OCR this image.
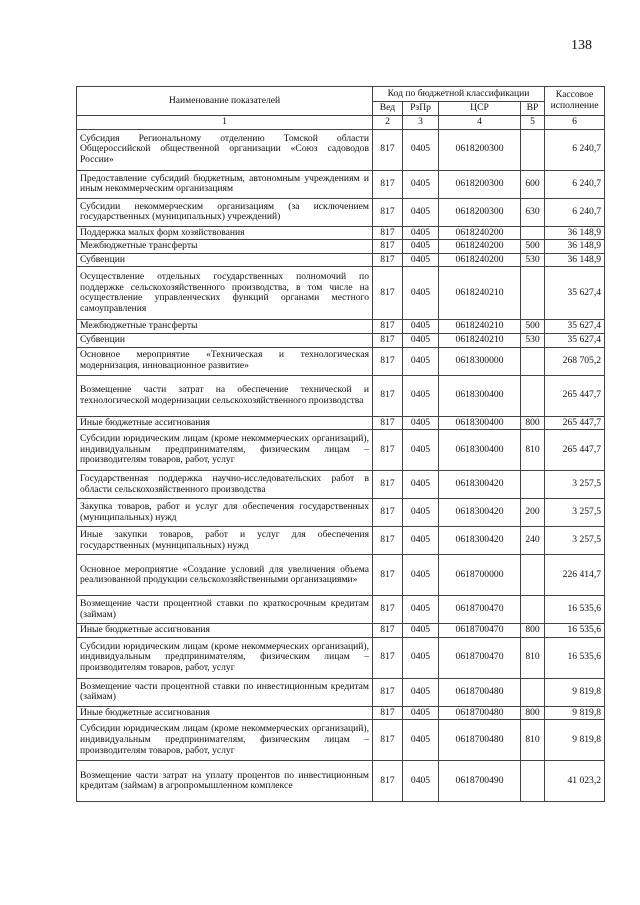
138
Наименование показателей	Код по бюджетной классификации				Кассовое исполнение
	Вед	РзПр	ЦСР	ВР	
1	2	3	4	5	6
Субсидия Региональному отделению Томской области Общероссийской общественной организации «Союз садоводов России»	817	0405	0618200300		6 240,7
Предоставление субсидий бюджетным, автономным учреждениям и иным некоммерческим организациям	817	0405	0618200300	600	6 240,7
Субсидии некоммерческим организациям (за исключением государственных (муниципальных) учреждений)	817	0405	0618200300	630	6 240,7
Поддержка малых форм хозяйствования	817	0405	0618240200		36 148,9
Межбюджетные трансферты	817	0405	0618240200	500	36 148,9
Субвенции	817	0405	0618240200	530	36 148,9
Осуществление отдельных государственных полномочий по поддержке сельскохозяйственного производства, в том числе на осуществление управленческих функций органами местного самоуправления	817	0405	0618240210		35 627,4
Межбюджетные трансферты	817	0405	0618240210	500	35 627,4
Субвенции	817	0405	0618240210	530	35 627,4
Основное мероприятие «Техническая и технологическая модернизация, инновационное развитие»	817	0405	0618300000		268 705,2
Возмещение части затрат на обеспечение технической и технологической модернизации сельскохозяйственного производства	817	0405	0618300400		265 447,7
Иные бюджетные ассигнования	817	0405	0618300400	800	265 447,7
Субсидии юридическим лицам (кроме некоммерческих организаций), индивидуальным предпринимателям, физическим лицам – производителям товаров, работ, услуг	817	0405	0618300400	810	265 447,7
Государственная поддержка научно-исследовательских работ в области сельскохозяйственного производства	817	0405	0618300420		3 257,5
Закупка товаров, работ и услуг для обеспечения государственных (муниципальных) нужд	817	0405	0618300420	200	3 257,5
Иные закупки товаров, работ и услуг для обеспечения государственных (муниципальных) нужд	817	0405	0618300420	240	3 257,5
Основное мероприятие «Создание условий для увеличения объема реализованной продукции сельскохозяйственными организациями»	817	0405	0618700000		226 414,7
Возмещение части процентной ставки по краткосрочным кредитам (займам)	817	0405	0618700470		16 535,6
Иные бюджетные ассигнования	817	0405	0618700470	800	16 535,6
Субсидии юридическим лицам (кроме некоммерческих организаций), индивидуальным предпринимателям, физическим лицам – производителям товаров, работ, услуг	817	0405	0618700470	810	16 535,6
Возмещение части процентной ставки по инвестиционным кредитам (займам)	817	0405	0618700480		9 819,8
Иные бюджетные ассигнования	817	0405	0618700480	800	9 819,8
Субсидии юридическим лицам (кроме некоммерческих организаций), индивидуальным предпринимателям, физическим лицам – производителям товаров, работ, услуг	817	0405	0618700480	810	9 819,8
Возмещение части затрат на уплату процентов по инвестиционным кредитам (займам) в агропромышленном комплексе	817	0405	0618700490		41 023,2
